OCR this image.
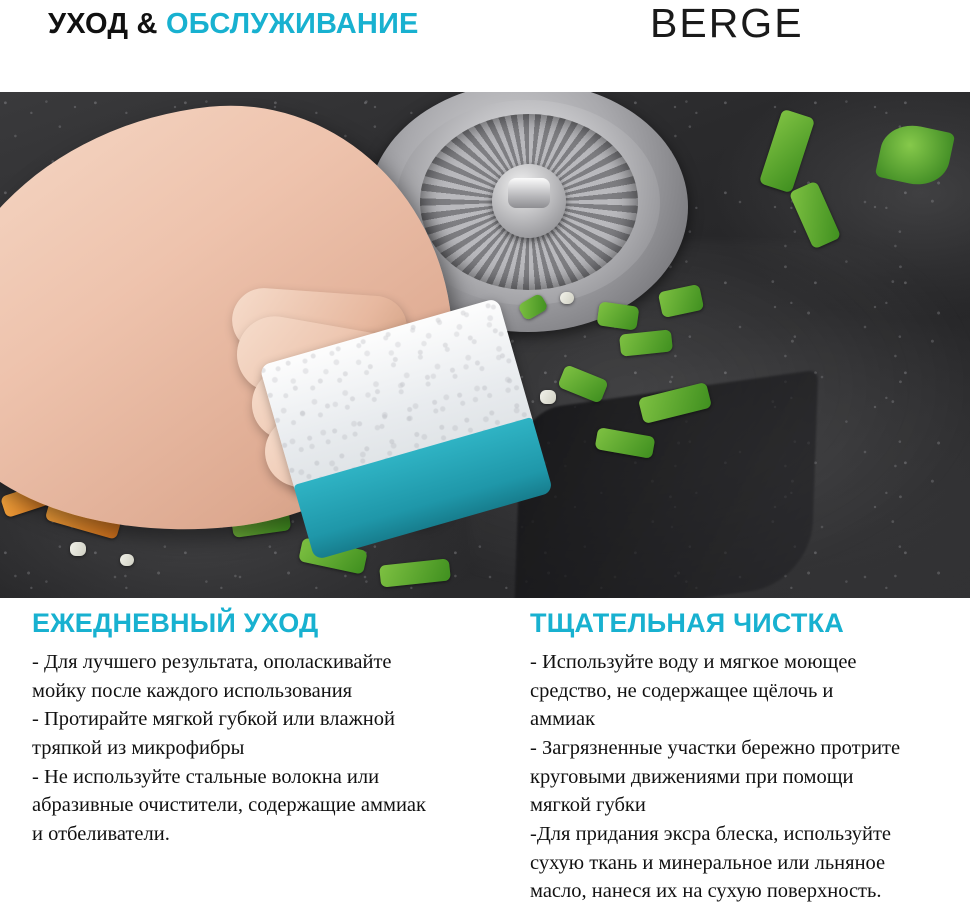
УХОД & ОБСЛУЖИВАНИЕ	BERGE
ЕЖЕДНЕВНЫЙ УХОД

- Для лучшего результата, ополаскивайте

мойку после каждого использования

- Протирайте мягкой губкой или влажной

тряпкой из микрофибры

- Не используйте стальные волокна или

абразивные очистители, содержащие аммиак

и отбеливатели.

ТЩАТЕЛЬНАЯ ЧИСТКА

- Используйте воду и мягкое моющее

средство, не содержащее щёлочь и

аммиак

- Загрязненные участки бережно протрите

круговыми движениями при помощи

мягкой губки

-Для придания эксра блеска, используйте

сухую ткань и минеральное или льняное

масло, нанеся их на сухую поверхность.
